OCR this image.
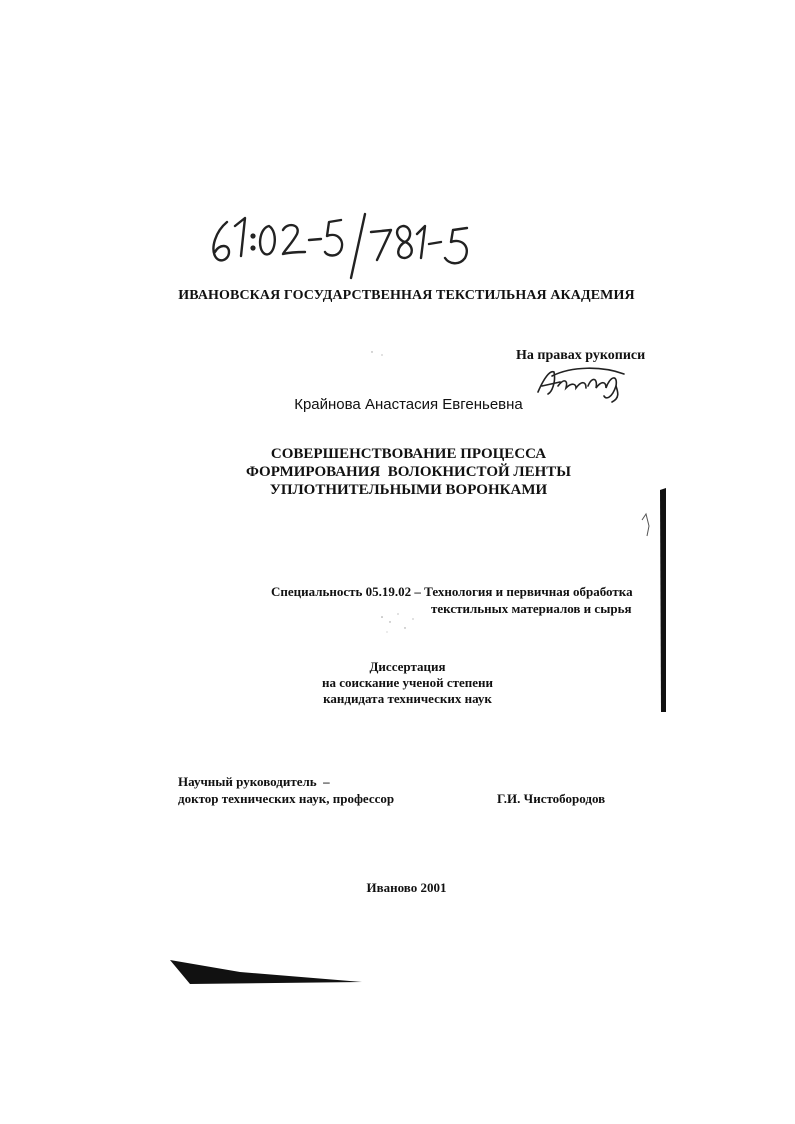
ИВАНОВСКАЯ ГОСУДАРСТВЕННАЯ ТЕКСТИЛЬНАЯ АКАДЕМИЯ
На правах рукописи
Крайнова Анастасия Евгеньевна
СОВЕРШЕНСТВОВАНИЕ ПРОЦЕССА
ФОРМИРОВАНИЯ  ВОЛОКНИСТОЙ ЛЕНТЫ
УПЛОТНИТЕЛЬНЫМИ ВОРОНКАМИ
Специальность 05.19.02 – Технология и первичная обработка
текстильных материалов и сырья
Диссертация
на соискание ученой степени
кандидата технических наук
Научный руководитель  –
доктор технических наук, профессор	Г.И. Чистобородов
Иваново 2001
